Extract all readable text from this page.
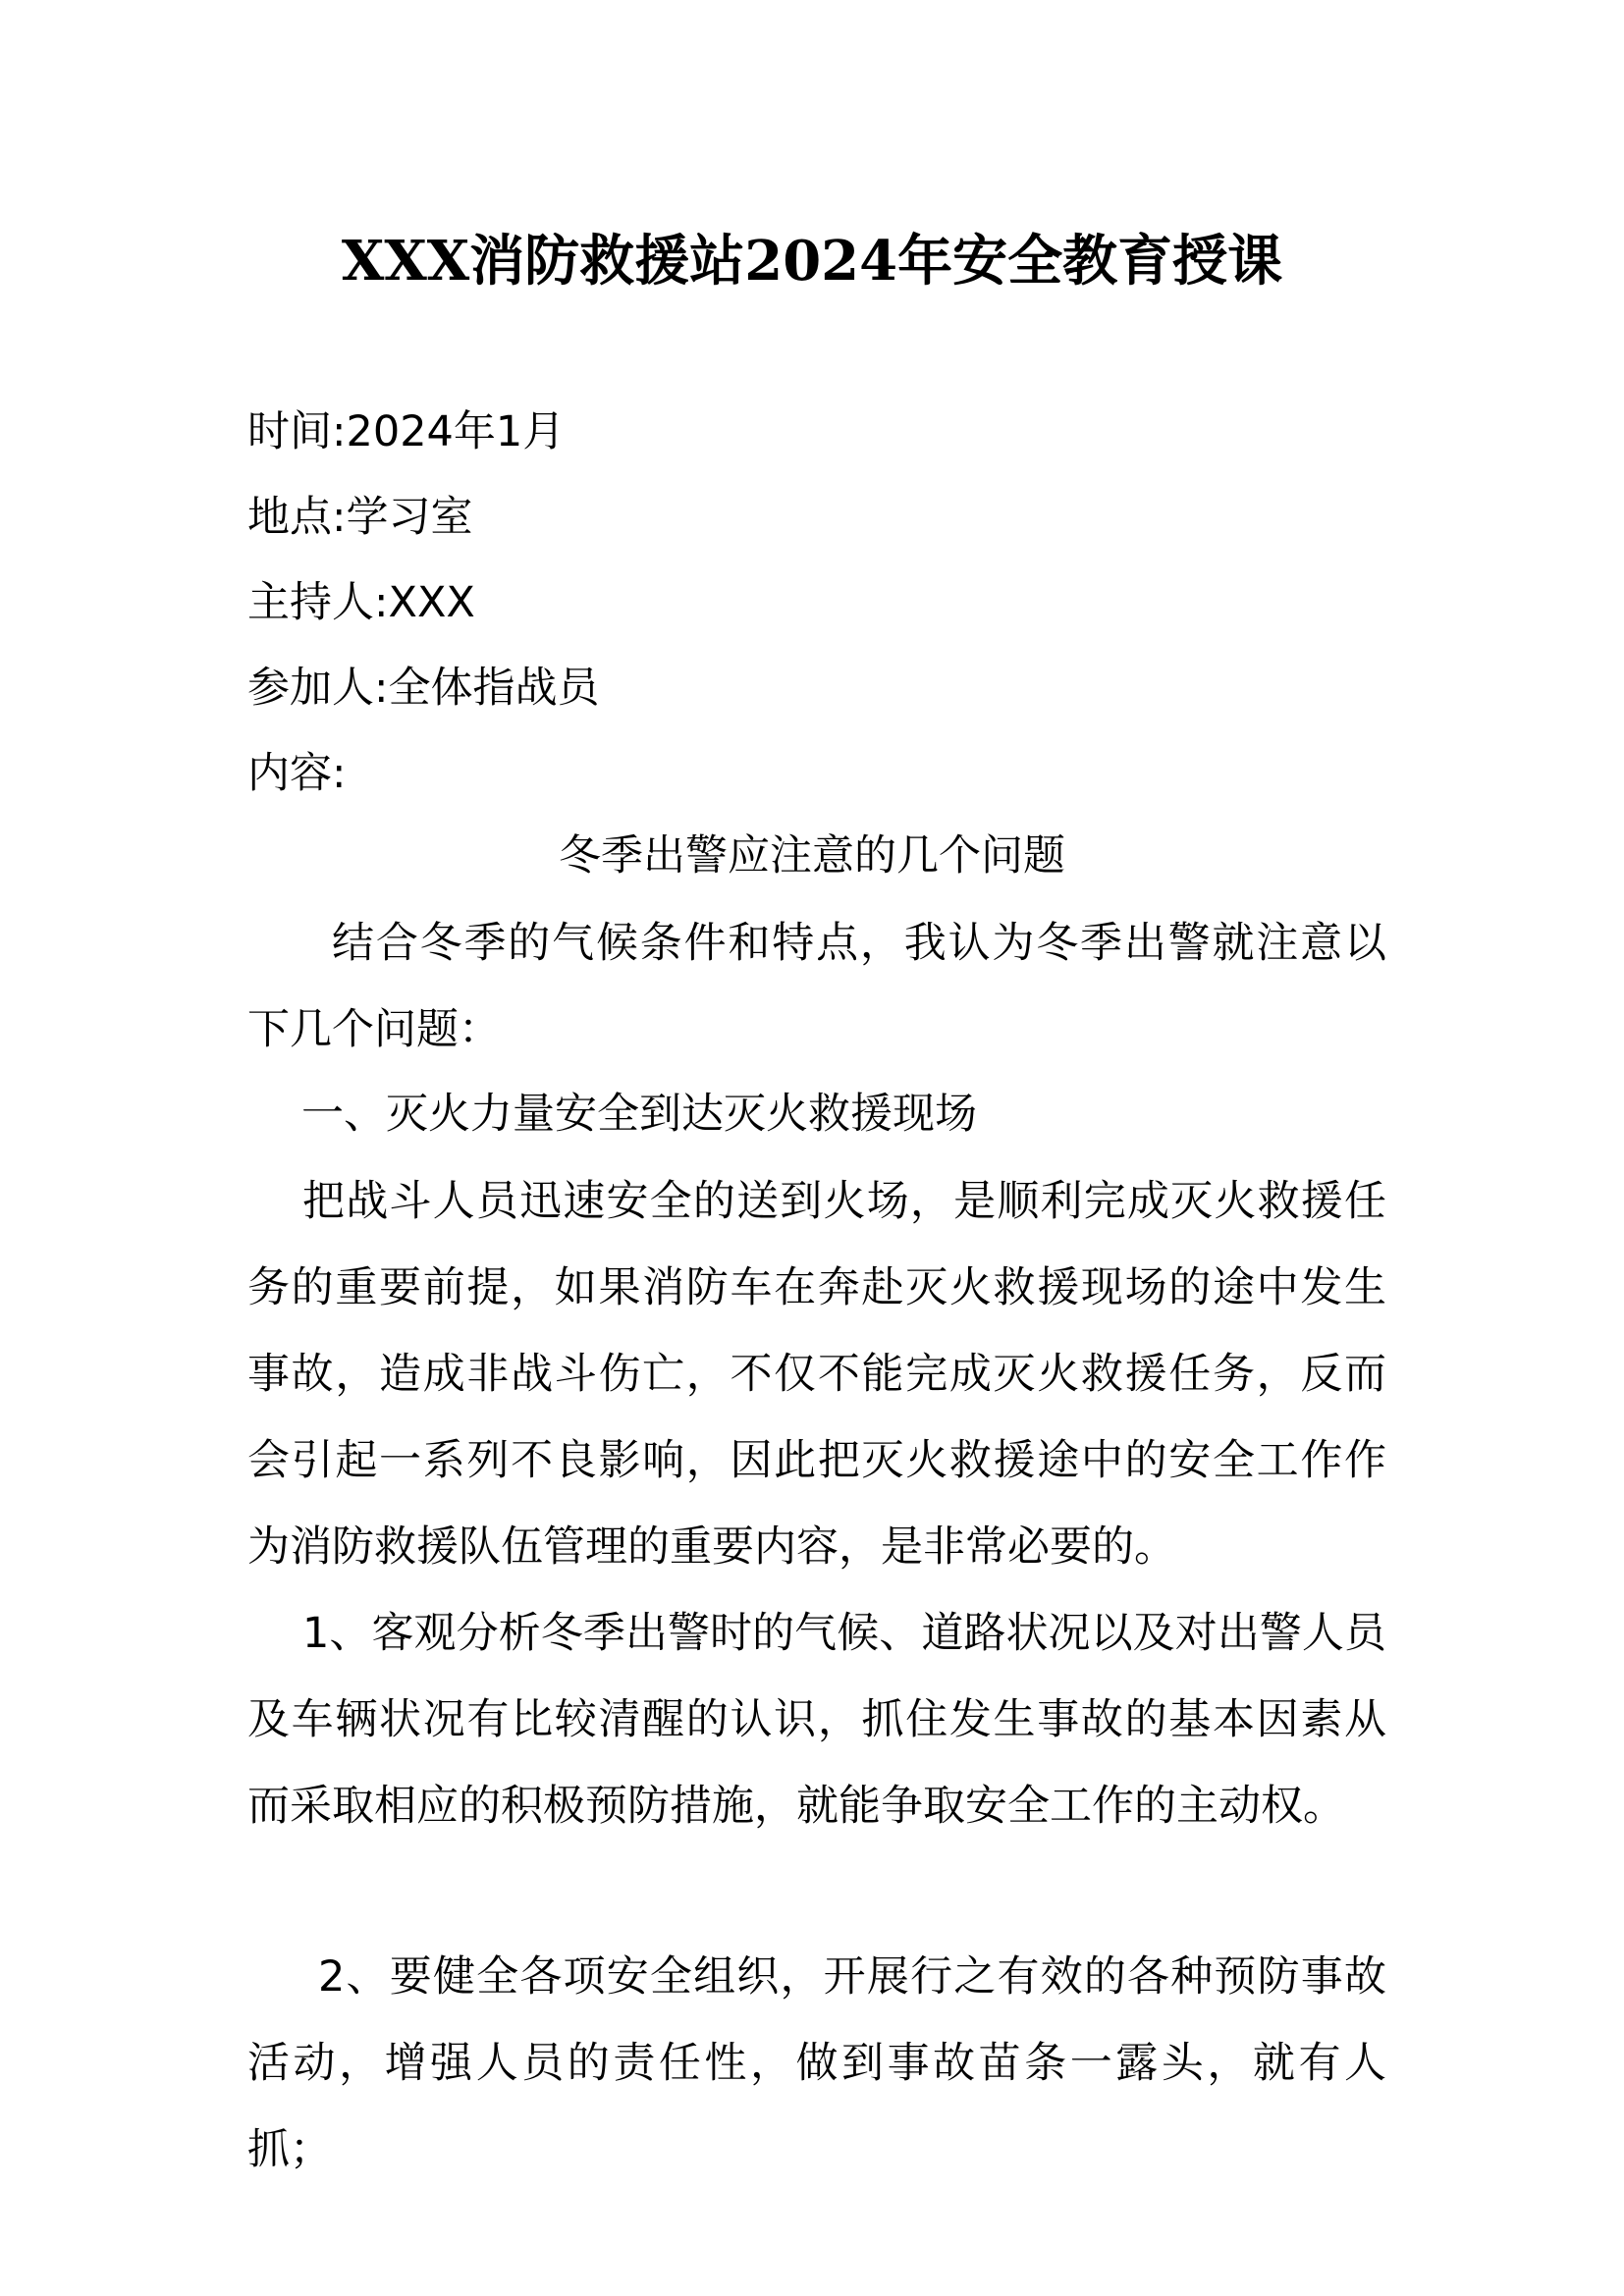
XXX消防救援站2024年安全教育授课
时间:2024年1月
地点:学习室
主持人:XXX
参加人:全体指战员
内容:
冬季出警应注意的几个问题
结合冬季的气候条件和特点，我认为冬季出警就注意以下几个问题：
一、灭火力量安全到达灭火救援现场
把战斗人员迅速安全的送到火场，是顺利完成灭火救援任务的重要前提，如果消防车在奔赴灭火救援现场的途中发生事故，造成非战斗伤亡，不仅不能完成灭火救援任务，反而会引起一系列不良影响，因此把灭火救援途中的安全工作作为消防救援队伍管理的重要内容，是非常必要的。
1、客观分析冬季出警时的气候、道路状况以及对出警人员及车辆状况有比较清醒的认识，抓住发生事故的基本因素从而采取相应的积极预防措施，就能争取安全工作的主动权。
2、要健全各项安全组织，开展行之有效的各种预防事故活动，增强人员的责任性，做到事故苗条一露头，就有人抓；
